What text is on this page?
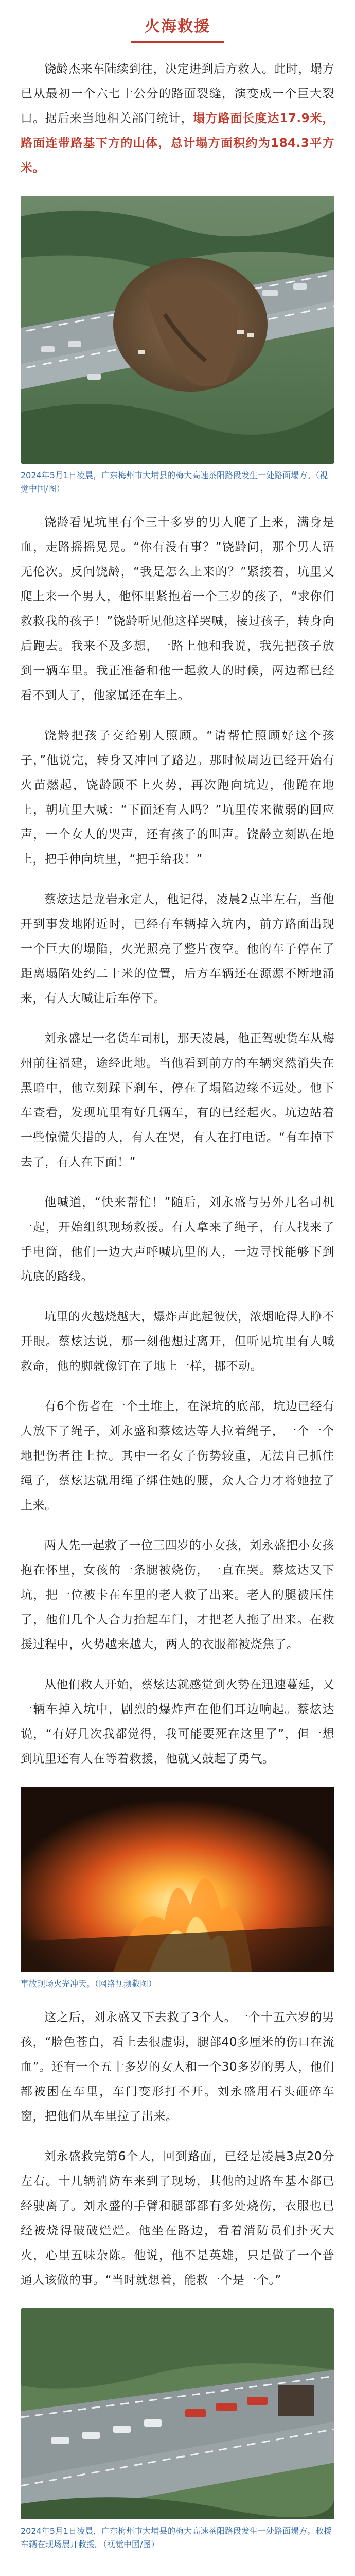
火海救援

饶龄杰来车陆续到往，决定进到后方救人。此时，塌方已从最初一个六七十公分的路面裂缝，演变成一个巨大裂口。据后来当地相关部门统计，塌方路面长度达17.9米，路面连带路基下方的山体，总计塌方面积约为184.3平方米。

2024年5月1日凌晨，广东梅州市大埔县的梅大高速茶阳路段发生一处路面塌方。（视觉中国/图）

饶龄看见坑里有个三十多岁的男人爬了上来，满身是血，走路摇摇晃晃。“你有没有事？”饶龄问，那个男人语无伦次。反问饶龄，“我是怎么上来的？”紧接着，坑里又爬上来一个男人，他怀里紧抱着一个三岁的孩子，“求你们救救我的孩子！”饶龄听见他这样哭喊，接过孩子，转身向后跑去。我来不及多想，一路上他和我说，我先把孩子放到一辆车里。我正准备和他一起救人的时候，两边都已经看不到人了，他家属还在车上。

饶龄把孩子交给别人照顾。“请帮忙照顾好这个孩子，”他说完，转身又冲回了路边。那时候周边已经开始有火苗燃起，饶龄顾不上火势，再次跑向坑边，他跪在地上，朝坑里大喊：“下面还有人吗？”坑里传来微弱的回应声，一个女人的哭声，还有孩子的叫声。饶龄立刻趴在地上，把手伸向坑里，“把手给我！”

蔡炫达是龙岩永定人，他记得，凌晨2点半左右，当他开到事发地附近时，已经有车辆掉入坑内，前方路面出现一个巨大的塌陷，火光照亮了整片夜空。他的车子停在了距离塌陷处约二十米的位置，后方车辆还在源源不断地涌来，有人大喊让后车停下。

刘永盛是一名货车司机，那天凌晨，他正驾驶货车从梅州前往福建，途经此地。当他看到前方的车辆突然消失在黑暗中，他立刻踩下刹车，停在了塌陷边缘不远处。他下车查看，发现坑里有好几辆车，有的已经起火。坑边站着一些惊慌失措的人，有人在哭，有人在打电话。“有车掉下去了，有人在下面！”

他喊道，“快来帮忙！”随后，刘永盛与另外几名司机一起，开始组织现场救援。有人拿来了绳子，有人找来了手电筒，他们一边大声呼喊坑里的人，一边寻找能够下到坑底的路线。

坑里的火越烧越大，爆炸声此起彼伏，浓烟呛得人睁不开眼。蔡炫达说，那一刻他想过离开，但听见坑里有人喊救命，他的脚就像钉在了地上一样，挪不动。

有6个伤者在一个土堆上，在深坑的底部，坑边已经有人放下了绳子，刘永盛和蔡炫达等人拉着绳子，一个一个地把伤者往上拉。其中一名女子伤势较重，无法自己抓住绳子，蔡炫达就用绳子绑住她的腰，众人合力才将她拉了上来。

两人先一起救了一位三四岁的小女孩，刘永盛把小女孩抱在怀里，女孩的一条腿被烧伤，一直在哭。蔡炫达又下坑，把一位被卡在车里的老人救了出来。老人的腿被压住了，他们几个人合力抬起车门，才把老人拖了出来。在救援过程中，火势越来越大，两人的衣服都被烧焦了。

从他们救人开始，蔡炫达就感觉到火势在迅速蔓延，又一辆车掉入坑中，剧烈的爆炸声在他们耳边响起。蔡炫达说，“有好几次我都觉得，我可能要死在这里了”，但一想到坑里还有人在等着救援，他就又鼓起了勇气。

事故现场火光冲天。（网络视频截图）

这之后，刘永盛又下去救了3个人。一个十五六岁的男孩，“脸色苍白，看上去很虚弱，腿部40多厘米的伤口在流血”。还有一个五十多岁的女人和一个30多岁的男人，他们都被困在车里，车门变形打不开。刘永盛用石头砸碎车窗，把他们从车里拉了出来。

刘永盛救完第6个人，回到路面，已经是凌晨3点20分左右。十几辆消防车来到了现场，其他的过路车基本都已经驶离了。刘永盛的手臂和腿部都有多处烧伤，衣服也已经被烧得破破烂烂。他坐在路边，看着消防员们扑灭大火，心里五味杂陈。他说，他不是英雄，只是做了一个普通人该做的事。“当时就想着，能救一个是一个。”

2024年5月1日凌晨，广东梅州市大埔县的梅大高速茶阳路段发生一处路面塌方。救援车辆在现场展开救援。（视觉中国/图）
